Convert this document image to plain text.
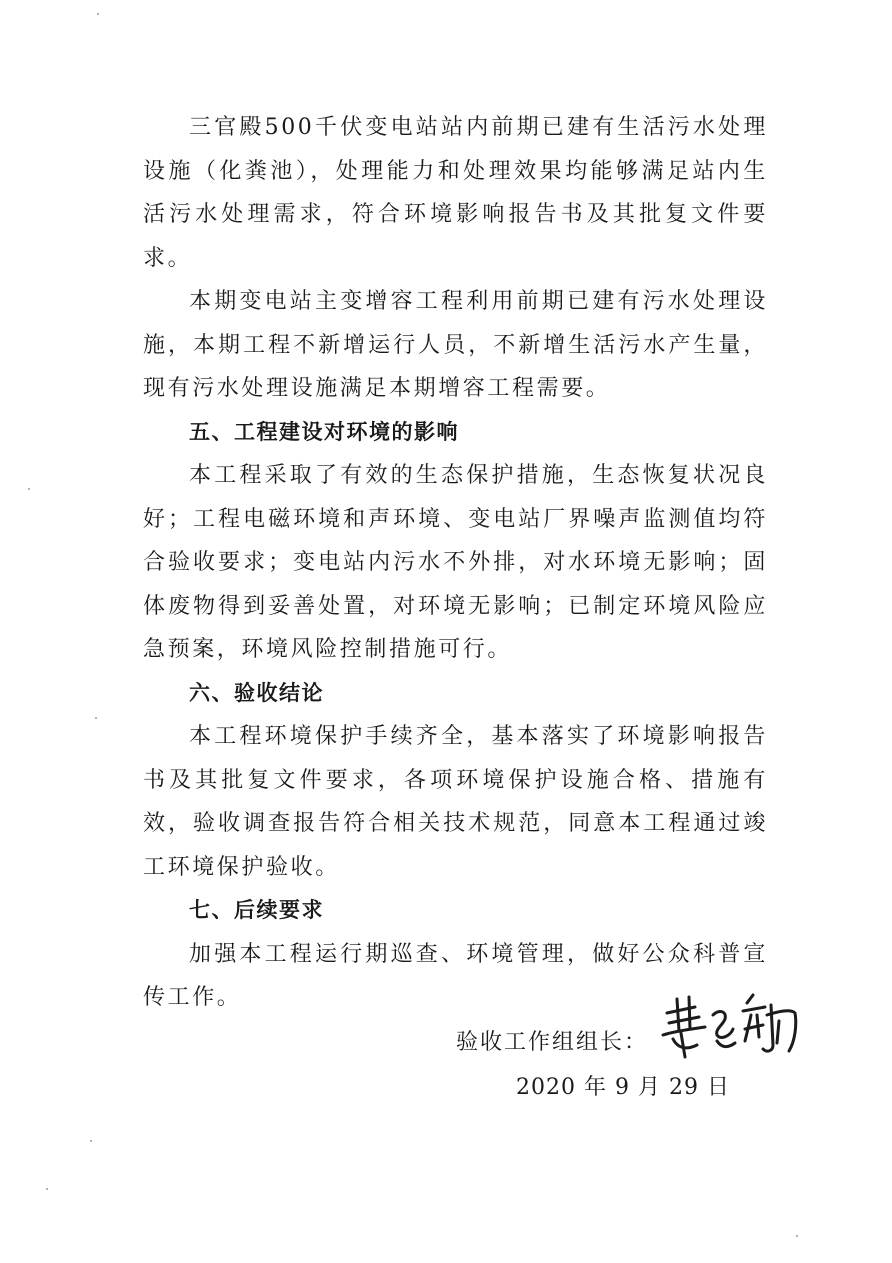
三官殿500千伏变电站站内前期已建有生活污水处理设施（化粪池），处理能力和处理效果均能够满足站内生活污水处理需求，符合环境影响报告书及其批复文件要求。

本期变电站主变增容工程利用前期已建有污水处理设施，本期工程不新增运行人员，不新增生活污水产生量，现有污水处理设施满足本期增容工程需要。

五、工程建设对环境的影响

本工程采取了有效的生态保护措施，生态恢复状况良好；工程电磁环境和声环境、变电站厂界噪声监测值均符合验收要求；变电站内污水不外排，对水环境无影响；固体废物得到妥善处置，对环境无影响；已制定环境风险应急预案，环境风险控制措施可行。

六、验收结论

本工程环境保护手续齐全，基本落实了环境影响报告书及其批复文件要求，各项环境保护设施合格、措施有效，验收调查报告符合相关技术规范，同意本工程通过竣工环境保护验收。

七、后续要求

加强本工程运行期巡查、环境管理，做好公众科普宣传工作。

验收工作组组长：
2020 年 9 月 29 日
